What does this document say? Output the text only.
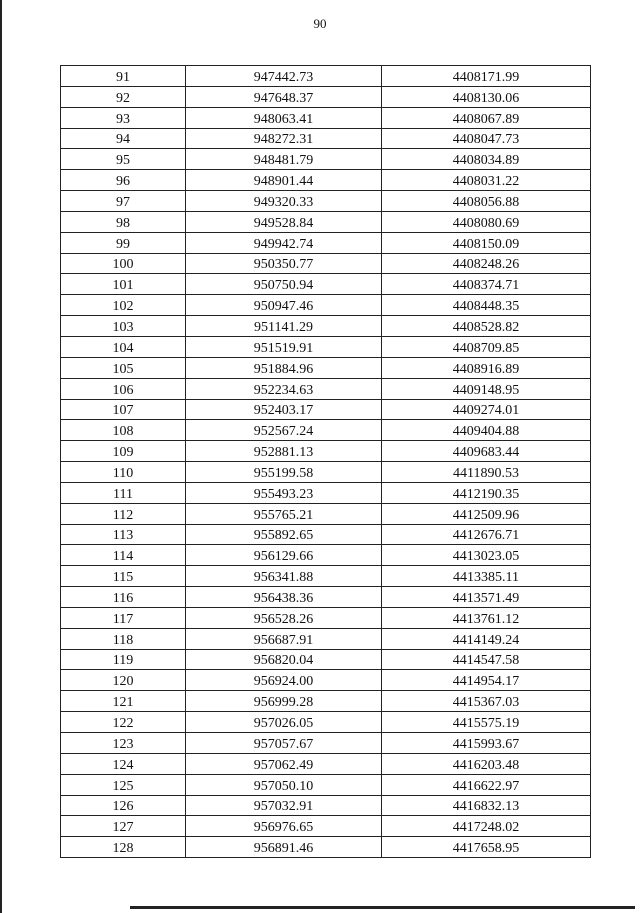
90
91	947442.73	4408171.99
92	947648.37	4408130.06
93	948063.41	4408067.89
94	948272.31	4408047.73
95	948481.79	4408034.89
96	948901.44	4408031.22
97	949320.33	4408056.88
98	949528.84	4408080.69
99	949942.74	4408150.09
100	950350.77	4408248.26
101	950750.94	4408374.71
102	950947.46	4408448.35
103	951141.29	4408528.82
104	951519.91	4408709.85
105	951884.96	4408916.89
106	952234.63	4409148.95
107	952403.17	4409274.01
108	952567.24	4409404.88
109	952881.13	4409683.44
110	955199.58	4411890.53
111	955493.23	4412190.35
112	955765.21	4412509.96
113	955892.65	4412676.71
114	956129.66	4413023.05
115	956341.88	4413385.11
116	956438.36	4413571.49
117	956528.26	4413761.12
118	956687.91	4414149.24
119	956820.04	4414547.58
120	956924.00	4414954.17
121	956999.28	4415367.03
122	957026.05	4415575.19
123	957057.67	4415993.67
124	957062.49	4416203.48
125	957050.10	4416622.97
126	957032.91	4416832.13
127	956976.65	4417248.02
128	956891.46	4417658.95
